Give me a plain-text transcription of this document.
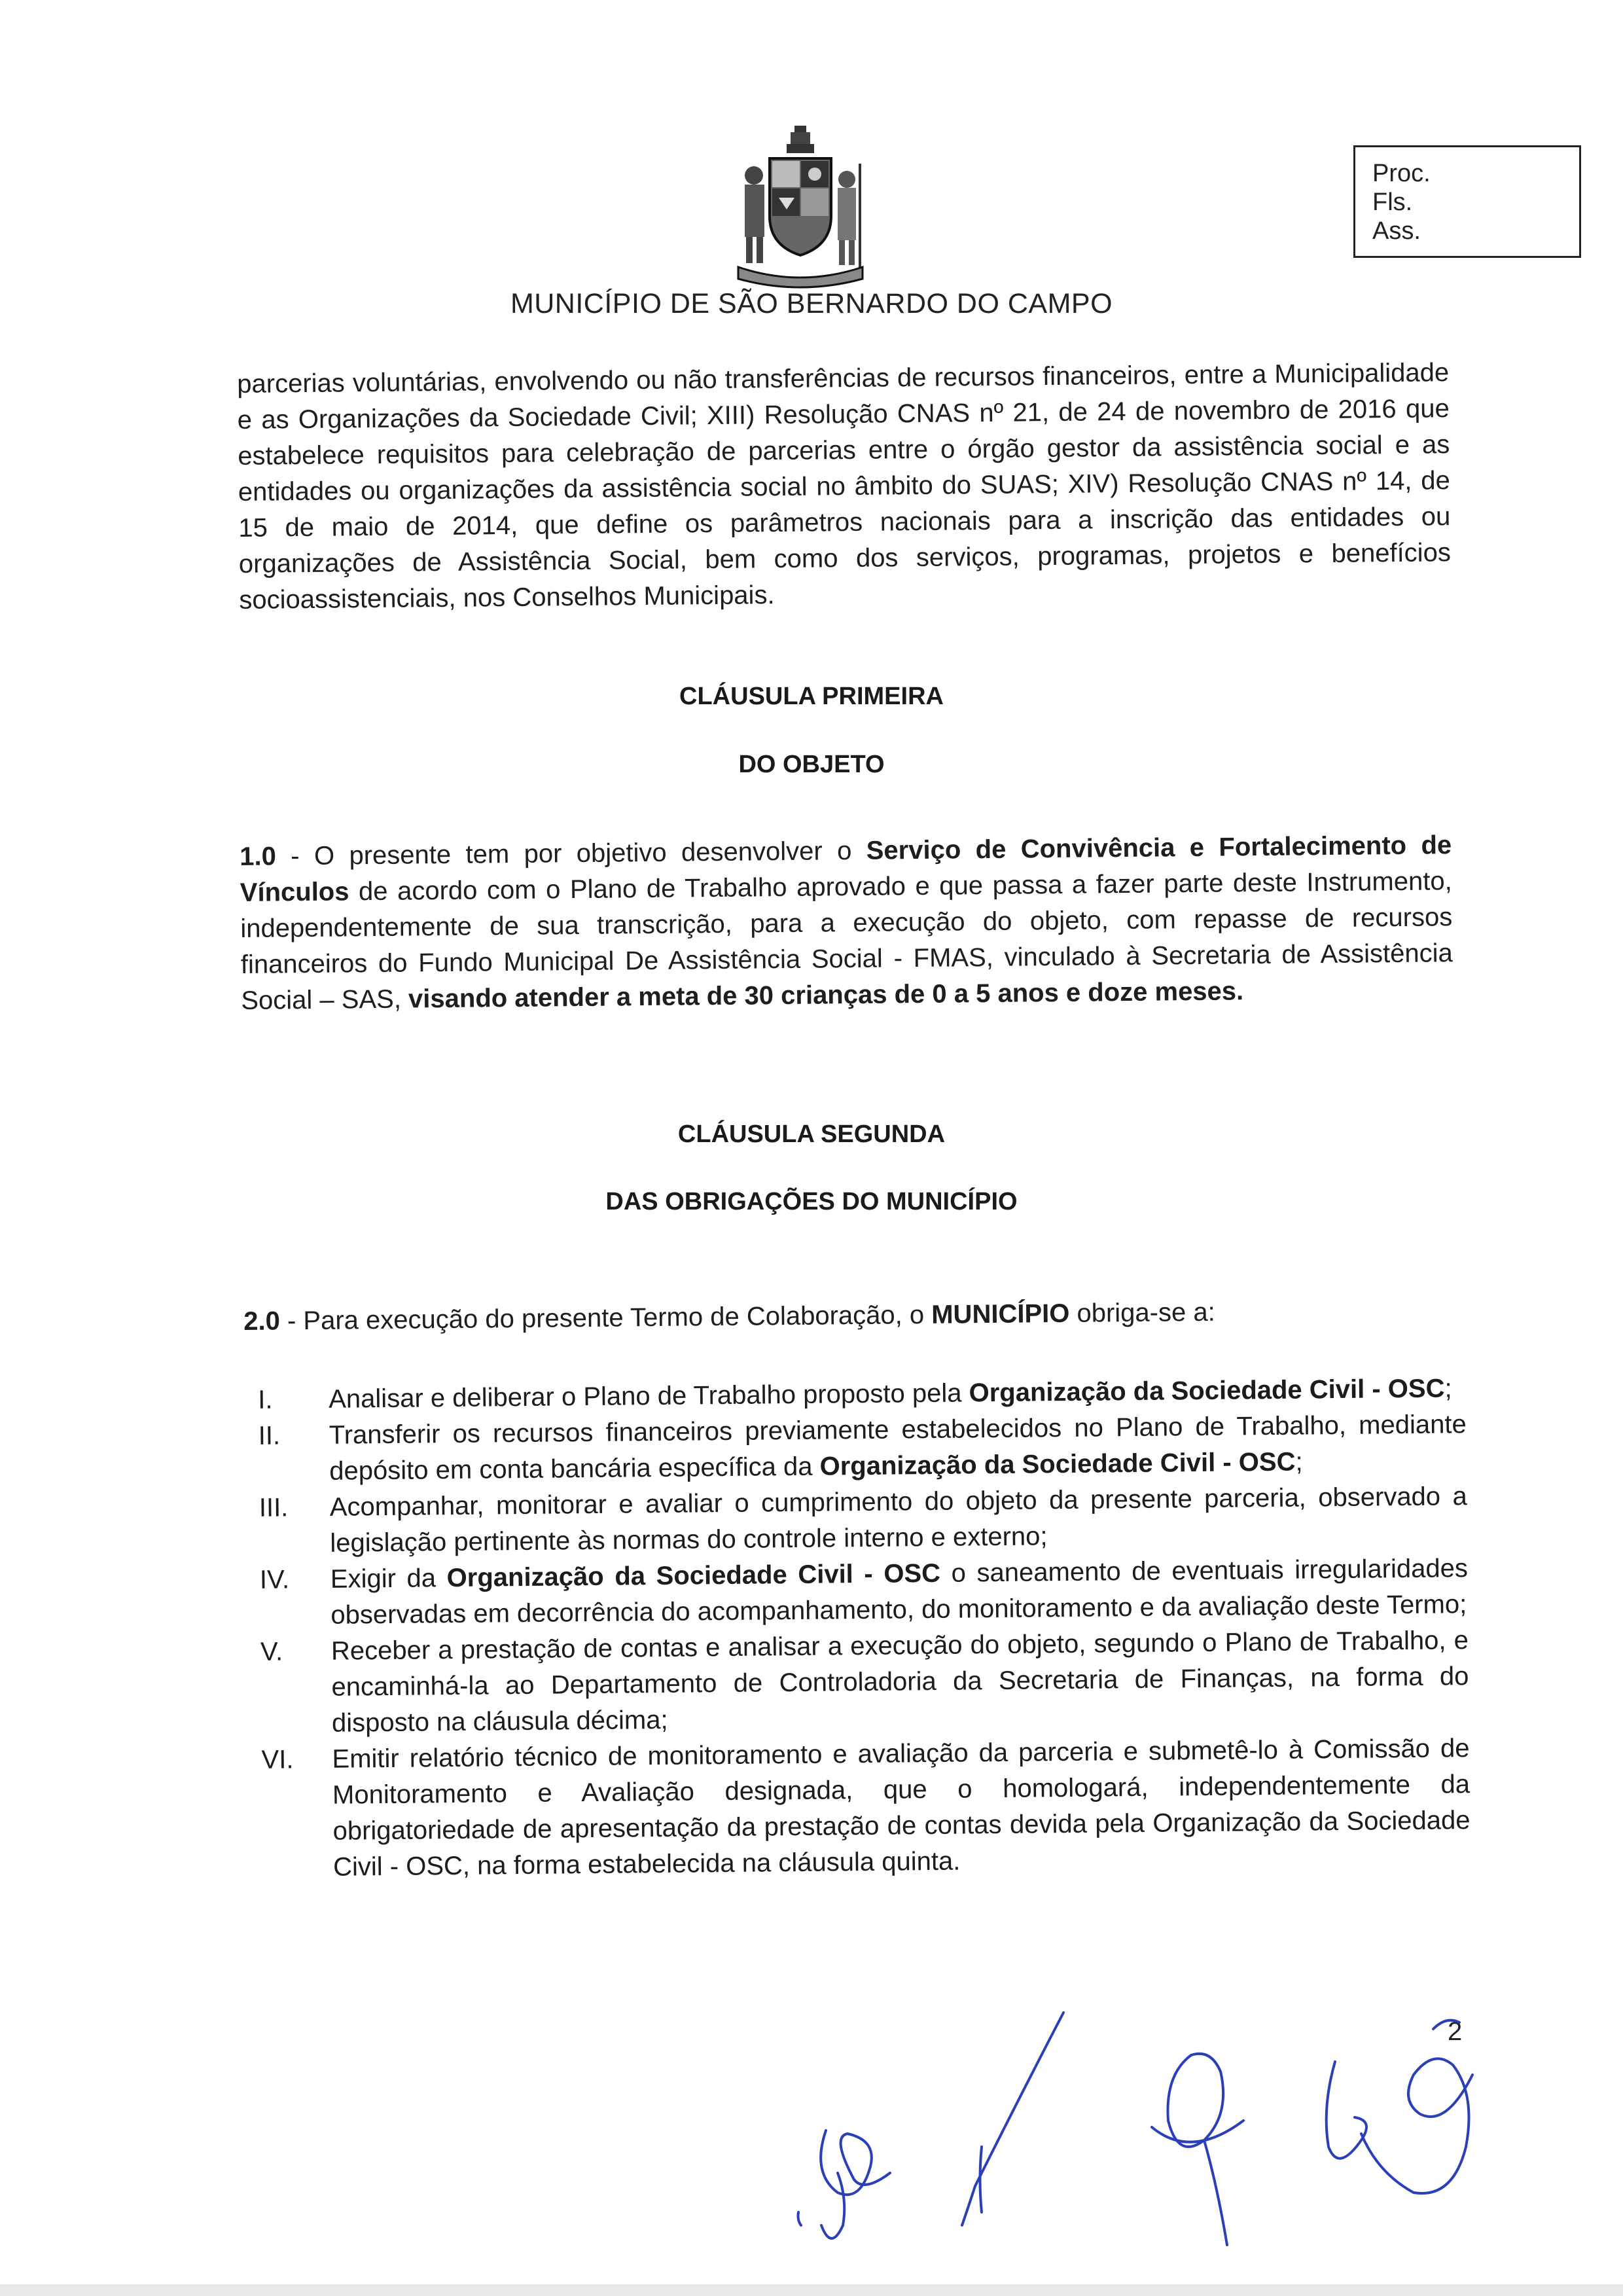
MUNICÍPIO DE SÃO BERNARDO DO CAMPO
Proc.
Fls.
Ass.
parcerias voluntárias, envolvendo ou não transferências de recursos financeiros, entre a Municipalidade e as Organizações da Sociedade Civil; XIII) Resolução CNAS nº 21, de 24 de novembro de 2016 que estabelece requisitos para celebração de parcerias entre o órgão gestor da assistência social e as entidades ou organizações da assistência social no âmbito do SUAS; XIV) Resolução CNAS nº 14, de 15 de maio de 2014, que define os parâmetros nacionais para a inscrição das entidades ou organizações de Assistência Social, bem como dos serviços, programas, projetos e benefícios socioassistenciais, nos Conselhos Municipais.
CLÁUSULA PRIMEIRA
DO OBJETO
1.0 - O presente tem por objetivo desenvolver o Serviço de Convivência e Fortalecimento de Vínculos de acordo com o Plano de Trabalho aprovado e que passa a fazer parte deste Instrumento, independentemente de sua transcrição, para a execução do objeto, com repasse de recursos financeiros do Fundo Municipal De Assistência Social - FMAS, vinculado à Secretaria de Assistência Social – SAS, visando atender a meta de 30 crianças de 0 a 5 anos e doze meses.
CLÁUSULA SEGUNDA
DAS OBRIGAÇÕES DO MUNICÍPIO
2.0 - Para execução do presente Termo de Colaboração, o MUNICÍPIO obriga-se a:
I.	Analisar e deliberar o Plano de Trabalho proposto pela Organização da Sociedade Civil - OSC;
II.	Transferir os recursos financeiros previamente estabelecidos no Plano de Trabalho, mediante depósito em conta bancária específica da Organização da Sociedade Civil - OSC;
III.	Acompanhar, monitorar e avaliar o cumprimento do objeto da presente parceria, observado a legislação pertinente às normas do controle interno e externo;
IV.	Exigir da Organização da Sociedade Civil - OSC o saneamento de eventuais irregularidades observadas em decorrência do acompanhamento, do monitoramento e da avaliação deste Termo;
V.	Receber a prestação de contas e analisar a execução do objeto, segundo o Plano de Trabalho, e encaminhá-la ao Departamento de Controladoria da Secretaria de Finanças, na forma do disposto na cláusula décima;
VI.	Emitir relatório técnico de monitoramento e avaliação da parceria e submetê-lo à Comissão de Monitoramento e Avaliação designada, que o homologará, independentemente da obrigatoriedade de apresentação da prestação de contas devida pela Organização da Sociedade Civil - OSC, na forma estabelecida na cláusula quinta.
2
